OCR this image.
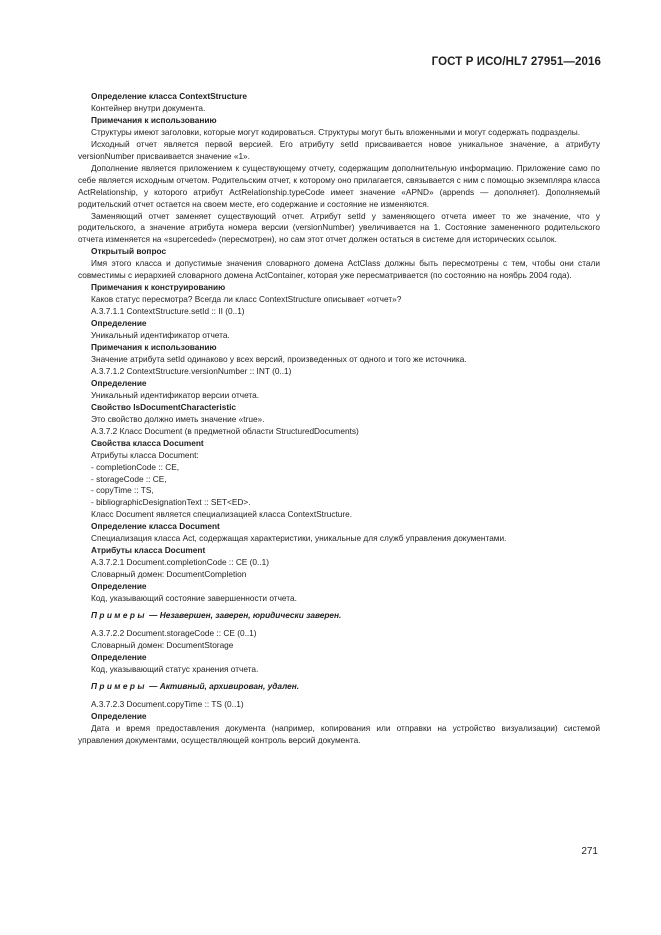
ГОСТ Р ИСО/HL7 27951—2016

Определение класса ContextStructure

Контейнер внутри документа.

Примечания к использованию

Структуры имеют заголовки, которые могут кодироваться. Структуры могут быть вложенными и могут содержать подразделы.

Исходный отчет является первой версией. Его атрибуту setId присваивается новое уникальное значение, а атрибуту versionNumber присваивается значение «1».

Дополнение является приложением к существующему отчету, содержащим дополнительную информацию. Приложение само по себе является исходным отчетом. Родительским отчет, к которому оно прилагается, связывается с ним с помощью экземпляра класса ActRelationship, у которого атрибут ActRelationship.typeCode имеет значение «APND» (appends — дополняет). Дополняемый родительский отчет остается на своем месте, его содержание и состояние не изменяются.

Заменяющий отчет заменяет существующий отчет. Атрибут setId у заменяющего отчета имеет то же значение, что у родительского, а значение атрибута номера версии (versionNumber) увеличивается на 1. Состояние замененного родительского отчета изменяется на «superceded» (пересмотрен), но сам этот отчет должен остаться в системе для исторических ссылок.

Открытый вопрос

Имя этого класса и допустимые значения словарного домена ActClass должны быть пересмотрены с тем, чтобы они стали совместимы с иерархией словарного домена ActContainer, которая уже пересматривается (по состоянию на ноябрь 2004 года).

Примечания к конструированию

Каков статус пересмотра? Всегда ли класс ContextStructure описывает «отчет»?

A.3.7.1.1 ContextStructure.setId :: II (0..1)

Определение

Уникальный идентификатор отчета.

Примечания к использованию

Значение атрибута setId одинаково у всех версий, произведенных от одного и того же источника.

A.3.7.1.2 ContextStructure.versionNumber :: INT (0..1)

Определение

Уникальный идентификатор версии отчета.

Свойство IsDocumentCharacteristic

Это свойство должно иметь значение «true».

A.3.7.2 Класс Document (в предметной области StructuredDocuments)

Свойства класса Document

Атрибуты класса Document:

- completionCode :: CE,

- storageCode :: CE,

- copyTime :: TS,

- bibliographicDesignationText :: SET<ED>.

Класс Document является специализацией класса ContextStructure.

Определение класса Document

Специализация класса Act, содержащая характеристики, уникальные для служб управления документами.

Атрибуты класса Document

A.3.7.2.1 Document.completionCode :: CE (0..1)

Словарный домен: DocumentCompletion

Определение

Код, указывающий состояние завершенности отчета.

Примеры — Незавершен, заверен, юридически заверен.

A.3.7.2.2 Document.storageCode :: CE (0..1)

Словарный домен: DocumentStorage

Определение

Код, указывающий статус хранения отчета.

Примеры — Активный, архивирован, удален.

A.3.7.2.3 Document.copyTime :: TS (0..1)

Определение

Дата и время предоставления документа (например, копирования или отправки на устройство визуализации) системой управления документами, осуществляющей контроль версий документа.

271
